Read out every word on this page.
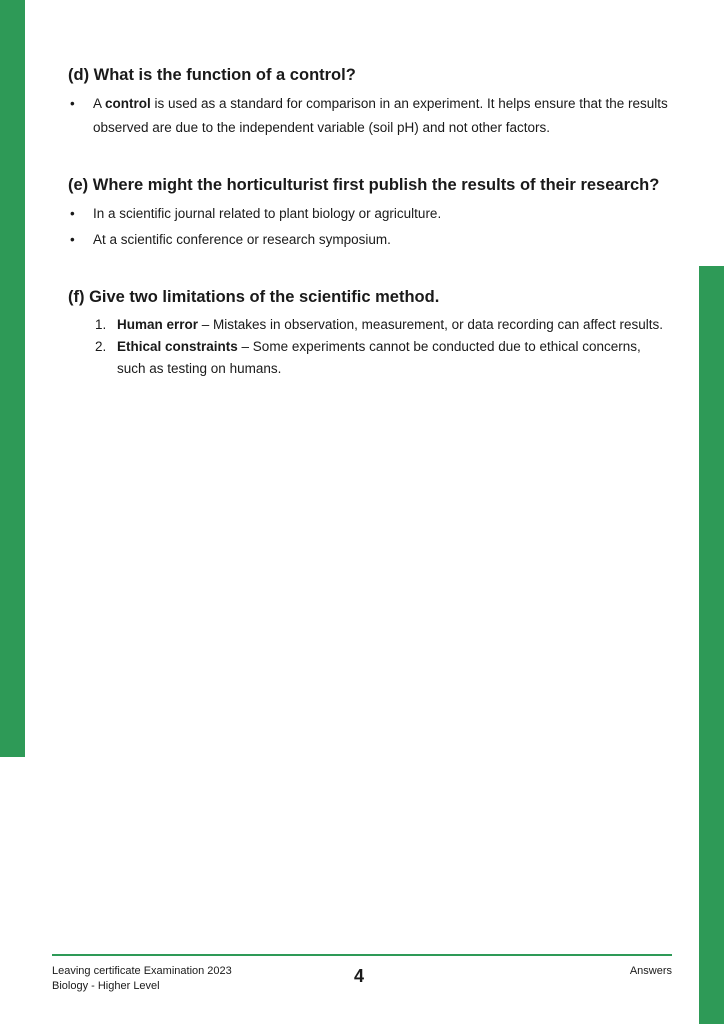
(d) What is the function of a control?
• A control is used as a standard for comparison in an experiment. It helps ensure that the results observed are due to the independent variable (soil pH) and not other factors.
(e) Where might the horticulturist first publish the results of their research?
• In a scientific journal related to plant biology or agriculture.
• At a scientific conference or research symposium.
(f) Give two limitations of the scientific method.
1. Human error – Mistakes in observation, measurement, or data recording can affect results.
2. Ethical constraints – Some experiments cannot be conducted due to ethical concerns, such as testing on humans.
Leaving certificate Examination 2023
Biology - Higher Level	4	Answers
